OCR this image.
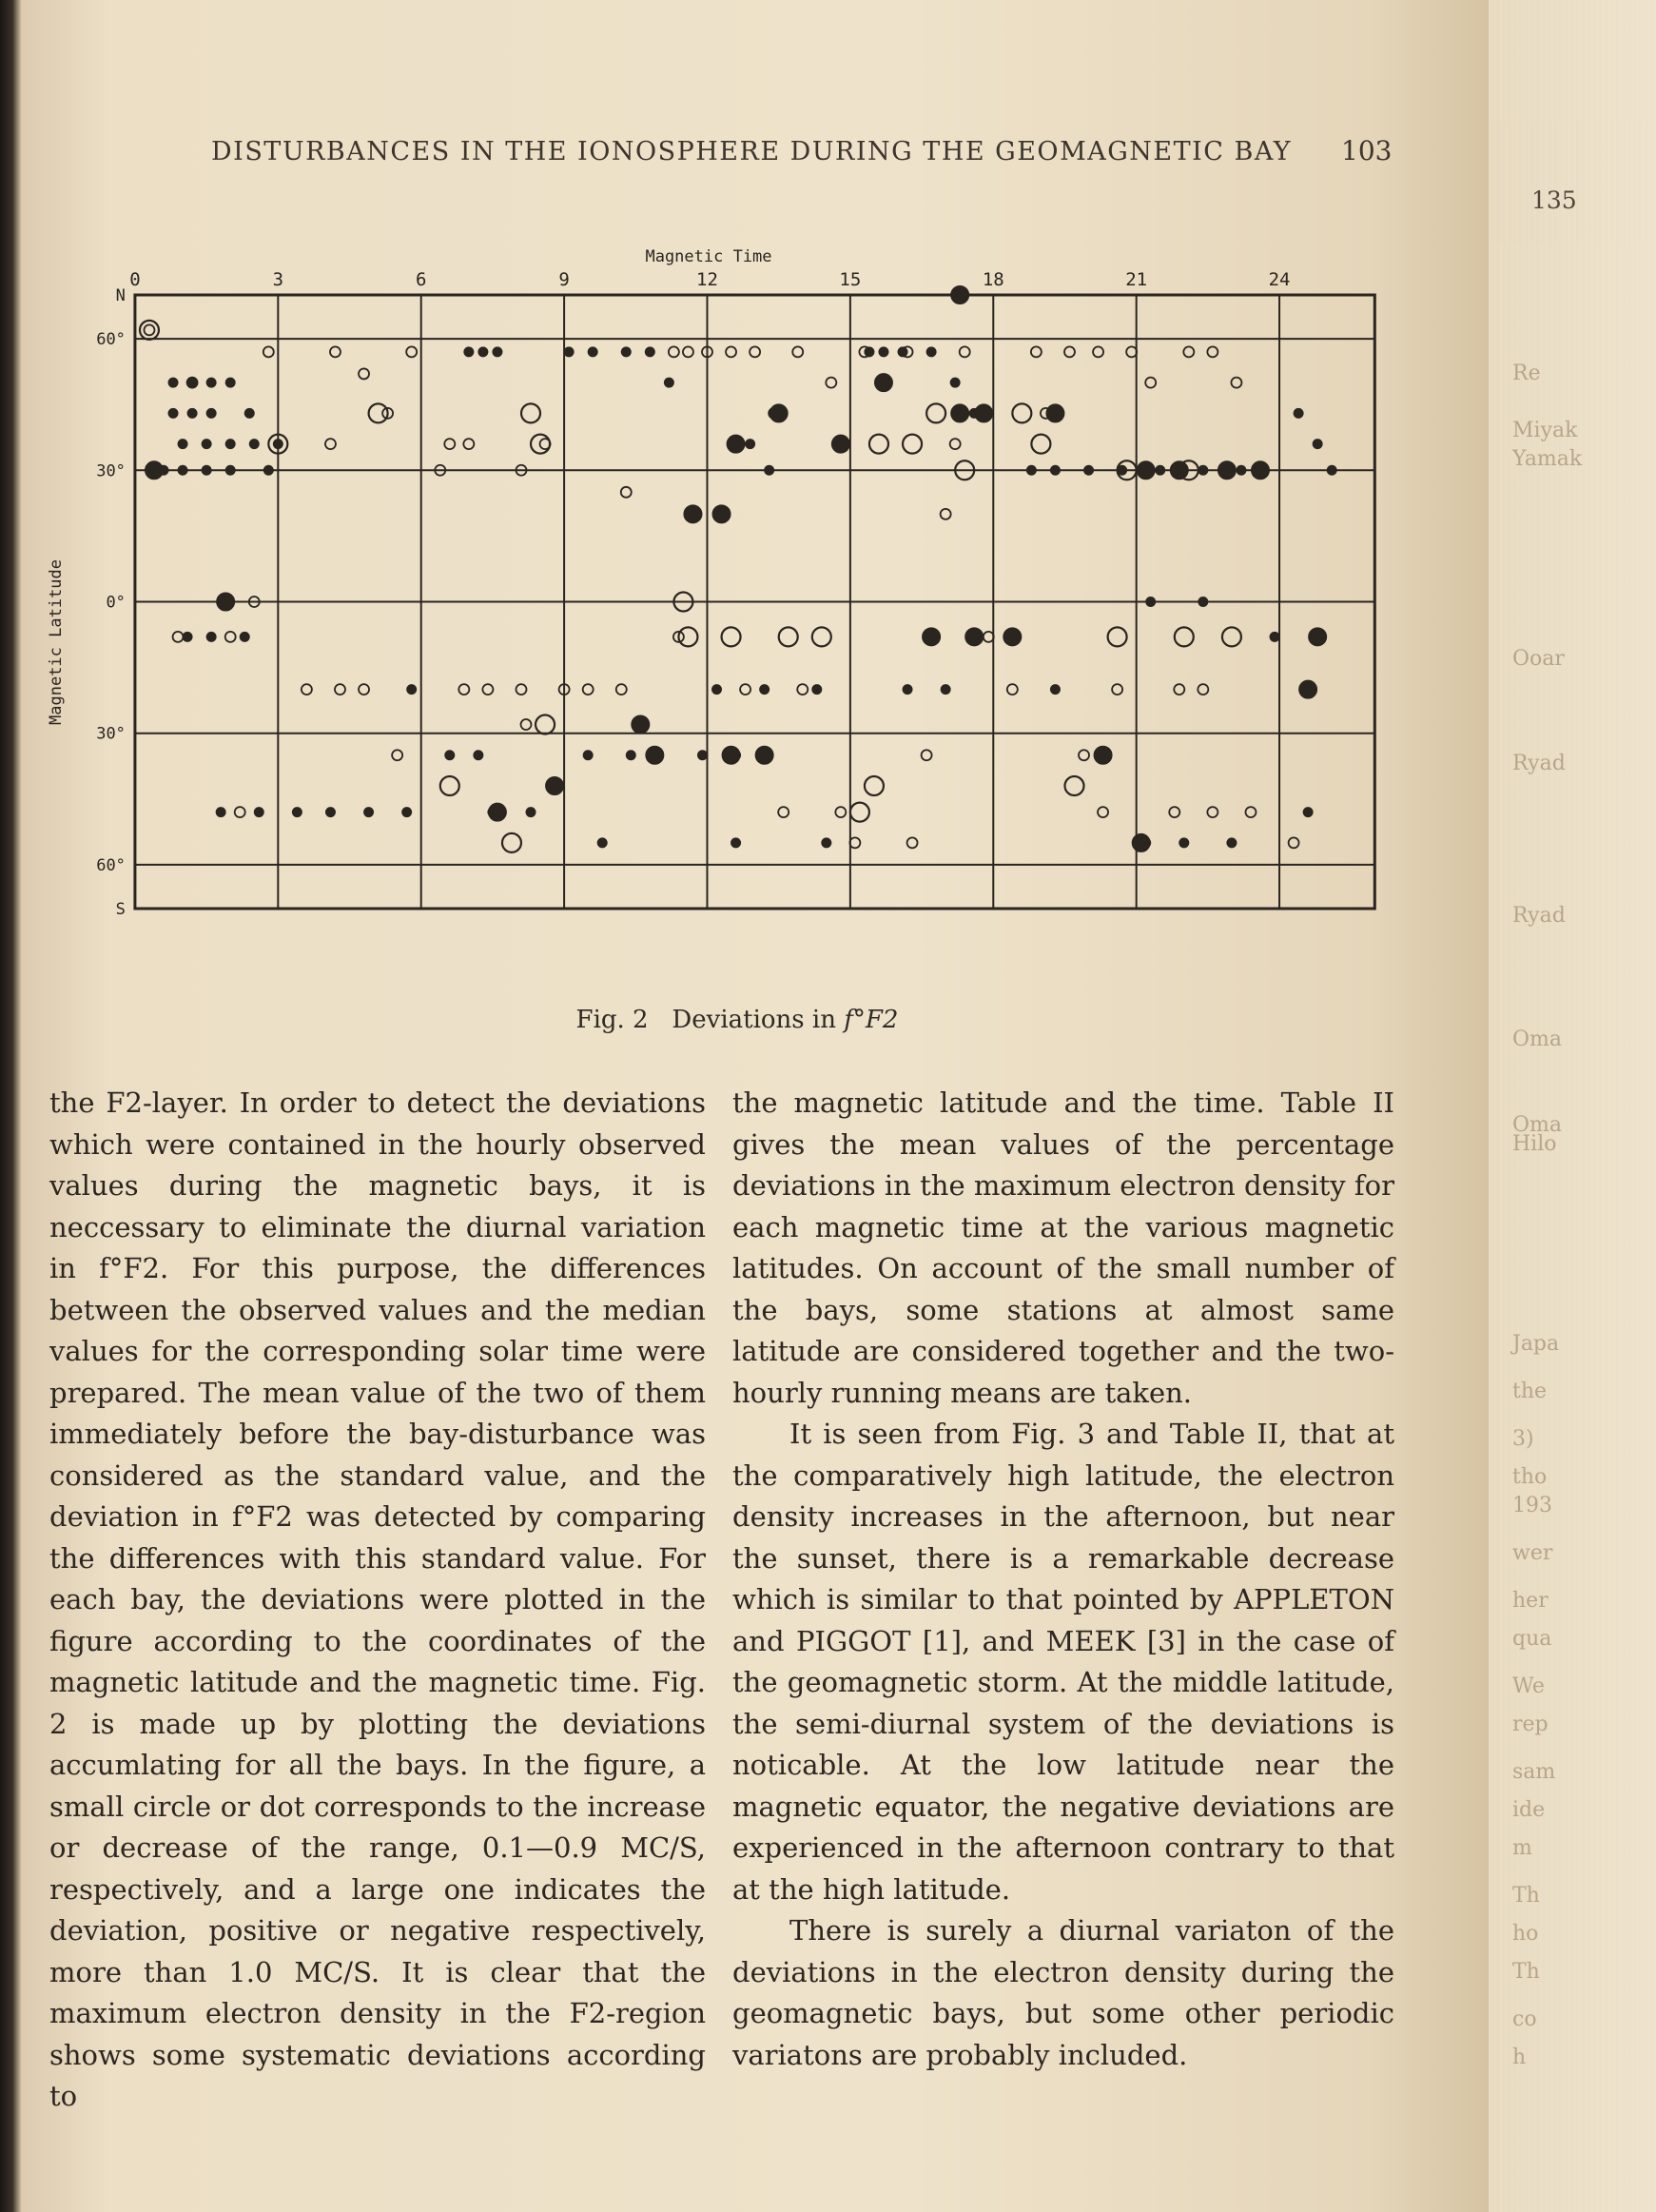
135
Re
Miyak
Yamak
Ooar
Ryad
Ryad
Oma
Oma
Hilo
Japa
the
3)
tho
193
wer
her
qua
We
rep
sam
ide
m
Th
ho
Th
co
h
DISTURBANCES IN THE IONOSPHERE DURING THE GEOMAGNETIC BAY 103
0	3	6	9	12	15	18	21	24
N
60°
30°
0°
30°
60°
S
Magnetic Time
Magnetic Latitude
Fig. 2 Deviations in f°F2

the F2-layer. In order to detect the deviations which were contained in the hourly observed values during the magnetic bays, it is neccessary to eliminate the diurnal variation in f°F2. For this purpose, the differences between the observed values and the median values for the corresponding solar time were prepared. The mean value of the two of them immediately before the bay-disturbance was considered as the standard value, and the deviation in f°F2 was detected by comparing the differences with this standard value. For each bay, the deviations were plotted in the figure according to the coordinates of the magnetic latitude and the magnetic time. Fig. 2 is made up by plotting the deviations accumlating for all the bays. In the figure, a small circle or dot corresponds to the increase or decrease of the range, 0.1—0.9 MC/S, respectively, and a large one indicates the deviation, positive or negative respectively, more than 1.0 MC/S. It is clear that the maximum electron density in the F2-region shows some systematic deviations according to

the magnetic latitude and the time. Table II gives the mean values of the percentage deviations in the maximum electron density for each magnetic time at the various magnetic latitudes. On account of the small number of the bays, some stations at almost same latitude are considered together and the two-hourly running means are taken.

It is seen from Fig. 3 and Table II, that at the comparatively high latitude, the electron density increases in the afternoon, but near the sunset, there is a remarkable decrease which is similar to that pointed by APPLETON and PIGGOT [1], and MEEK [3] in the case of the geomagnetic storm. At the middle latitude, the semi-diurnal system of the deviations is noticable. At the low latitude near the magnetic equator, the negative deviations are experienced in the afternoon contrary to that at the high latitude.

There is surely a diurnal variaton of the deviations in the electron density during the geomagnetic bays, but some other periodic variatons are probably included.
